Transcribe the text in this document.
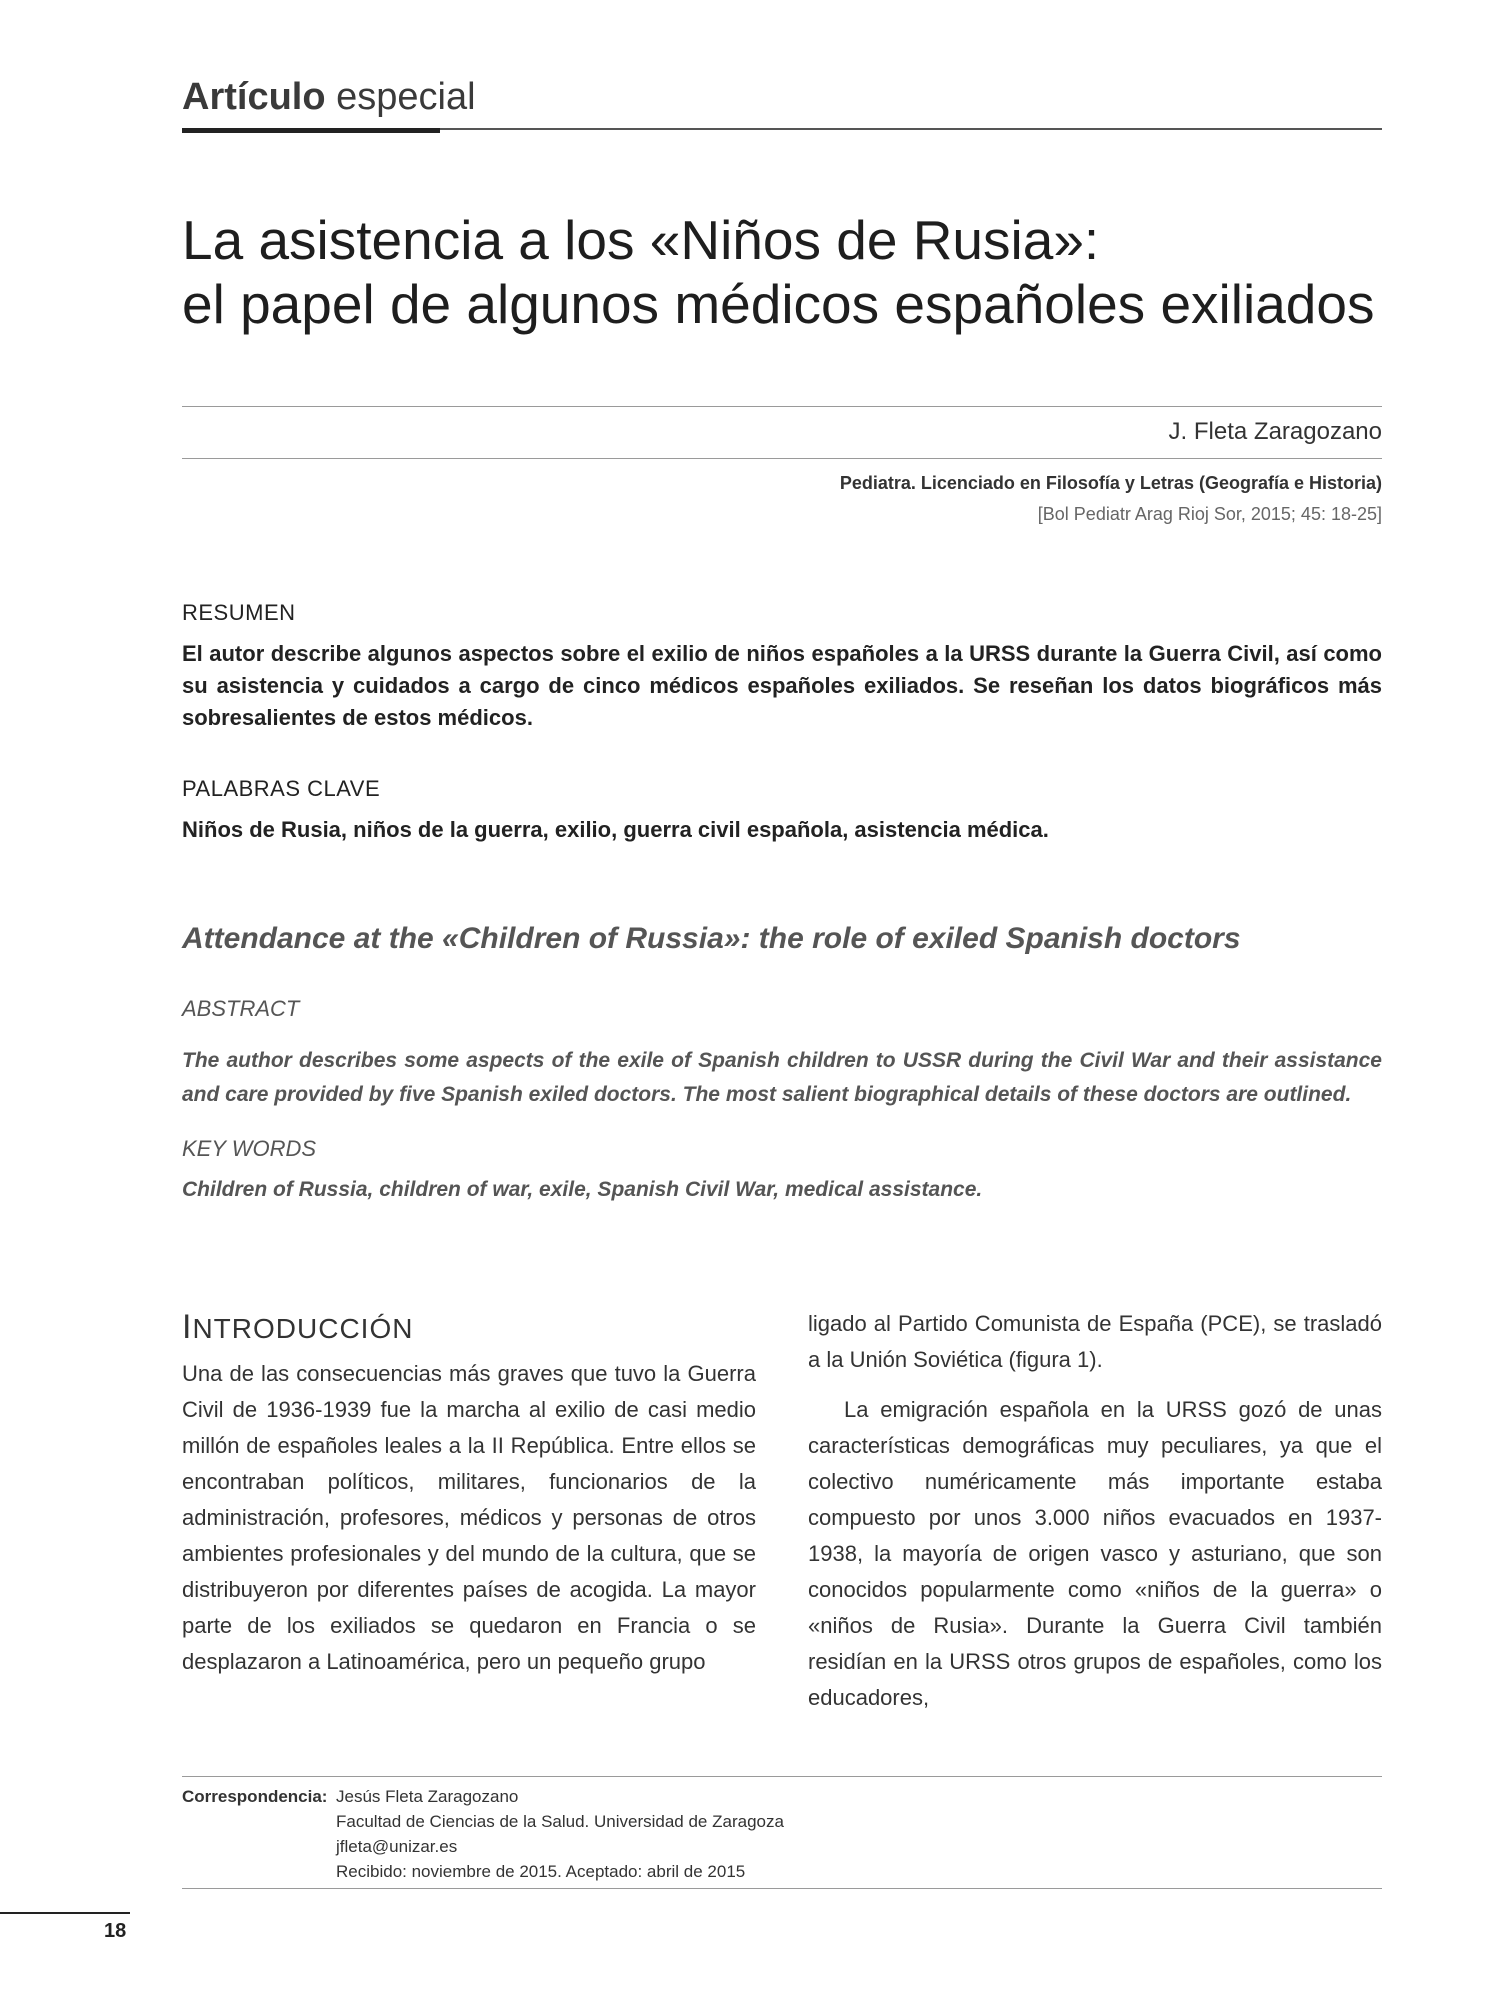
Artículo especial
La asistencia a los «Niños de Rusia»:
el papel de algunos médicos españoles exiliados
J. Fleta Zaragozano
Pediatra. Licenciado en Filosofía y Letras (Geografía e Historia)
[Bol Pediatr Arag Rioj Sor, 2015; 45: 18-25]
RESUMEN
El autor describe algunos aspectos sobre el exilio de niños españoles a la URSS durante la Guerra Civil, así como su asistencia y cuidados a cargo de cinco médicos españoles exiliados. Se reseñan los datos biográficos más sobresalientes de estos médicos.
PALABRAS CLAVE
Niños de Rusia, niños de la guerra, exilio, guerra civil española, asistencia médica.
Attendance at the «Children of Russia»: the role of exiled Spanish doctors
ABSTRACT
The author describes some aspects of the exile of Spanish children to USSR during the Civil War and their assistance and care provided by five Spanish exiled doctors. The most salient biographical details of these doctors are outlined.
KEY WORDS
Children of Russia, children of war, exile, Spanish Civil War, medical assistance.
INTRODUCCIÓN

Una de las consecuencias más graves que tuvo la Guerra Civil de 1936-1939 fue la marcha al exilio de casi medio millón de españoles leales a la II República. Entre ellos se encontraban políticos, militares, funcionarios de la administración, profesores, médicos y personas de otros ambientes profesionales y del mundo de la cultura, que se distribuyeron por diferentes países de acogida. La mayor parte de los exiliados se quedaron en Francia o se desplazaron a Latinoamérica, pero un pequeño grupo

ligado al Partido Comunista de España (PCE), se trasladó a la Unión Soviética (figura 1).

La emigración española en la URSS gozó de unas características demográficas muy peculiares, ya que el colectivo numéricamente más importante estaba compuesto por unos 3.000 niños evacuados en 1937-1938, la mayoría de origen vasco y asturiano, que son conocidos popularmente como «niños de la guerra» o «niños de Rusia». Durante la Guerra Civil también residían en la URSS otros grupos de españoles, como los educadores,

Correspondencia: Jesús Fleta Zaragozano
Facultad de Ciencias de la Salud. Universidad de Zaragoza
jfleta@unizar.es
Recibido: noviembre de 2015. Aceptado: abril de 2015
18
